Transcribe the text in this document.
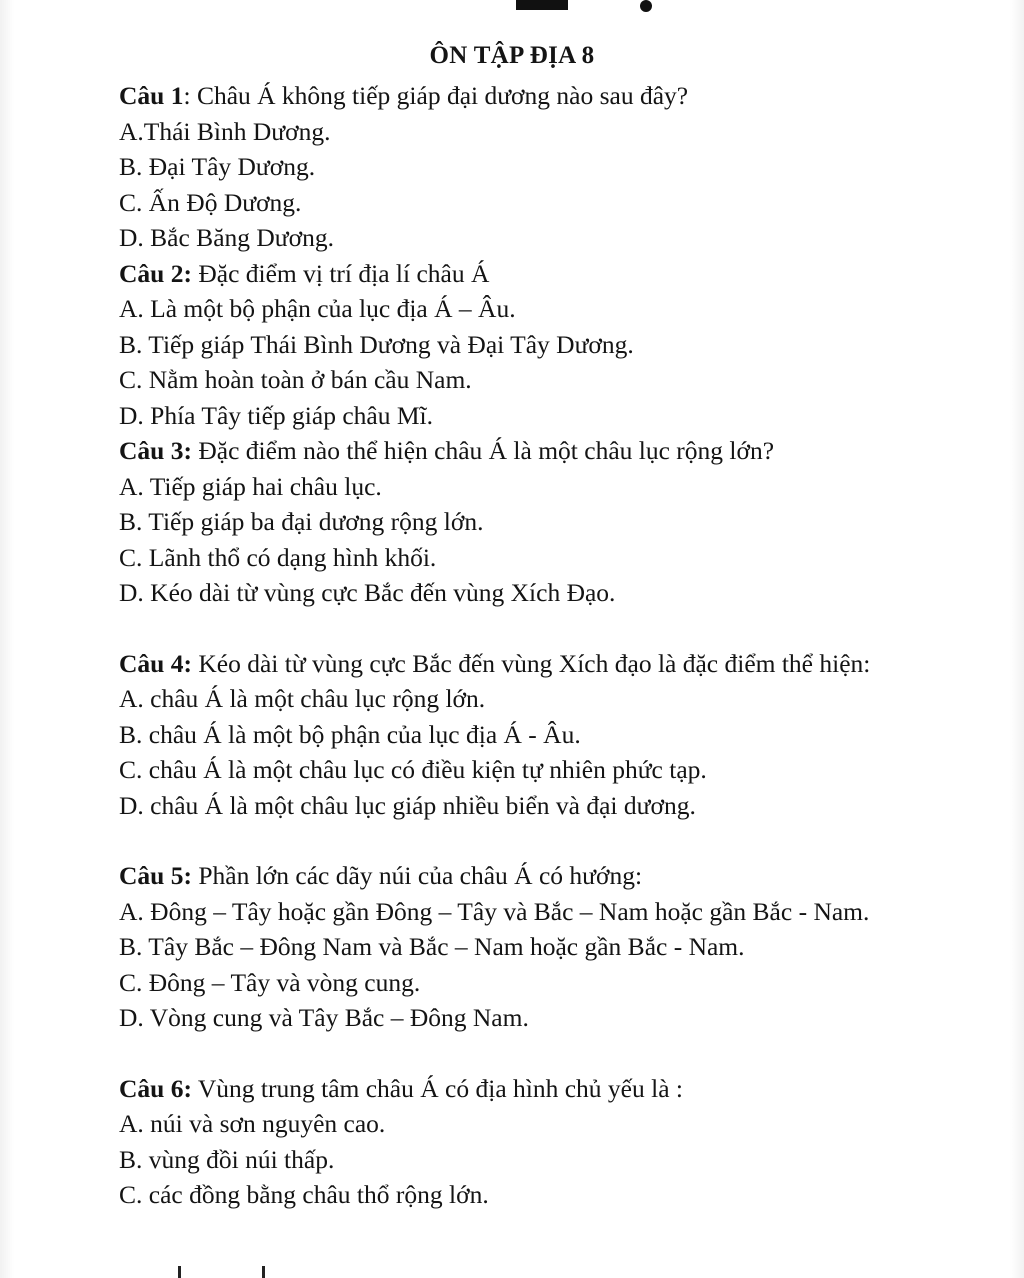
ÔN TẬP ĐỊA 8

Câu 1: Châu Á không tiếp giáp đại dương nào sau đây?

A.Thái Bình Dương.

B. Đại Tây Dương.

C. Ấn Độ Dương.

D. Bắc Băng Dương.

Câu 2: Đặc điểm vị trí địa lí châu Á

A. Là một bộ phận của lục địa Á – Âu.

B. Tiếp giáp Thái Bình Dương và Đại Tây Dương.

C. Nằm hoàn toàn ở bán cầu Nam.

D. Phía Tây tiếp giáp châu Mĩ.

Câu 3: Đặc điểm nào thể hiện châu Á là một châu lục rộng lớn?

A. Tiếp giáp hai châu lục.

B. Tiếp giáp ba đại dương rộng lớn.

C. Lãnh thổ có dạng hình khối.

D. Kéo dài từ vùng cực Bắc đến vùng Xích Đạo.

Câu 4: Kéo dài từ vùng cực Bắc đến vùng Xích đạo là đặc điểm thể hiện:

A. châu Á là một châu lục rộng lớn.

B. châu Á là một bộ phận của lục địa Á - Âu.

C. châu Á là một châu lục có điều kiện tự nhiên phức tạp.

D. châu Á là một châu lục giáp nhiều biển và đại dương.

Câu 5: Phần lớn các dãy núi của châu Á có hướng:

A. Đông – Tây hoặc gần Đông – Tây và Bắc – Nam hoặc gần Bắc - Nam.

B. Tây Bắc – Đông Nam và Bắc – Nam hoặc gần Bắc - Nam.

C. Đông – Tây và vòng cung.

D. Vòng cung và Tây Bắc – Đông Nam.

Câu 6: Vùng trung tâm châu Á có địa hình chủ yếu là :

A. núi và sơn nguyên cao.

B. vùng đồi núi thấp.

C. các đồng bằng châu thổ rộng lớn.
